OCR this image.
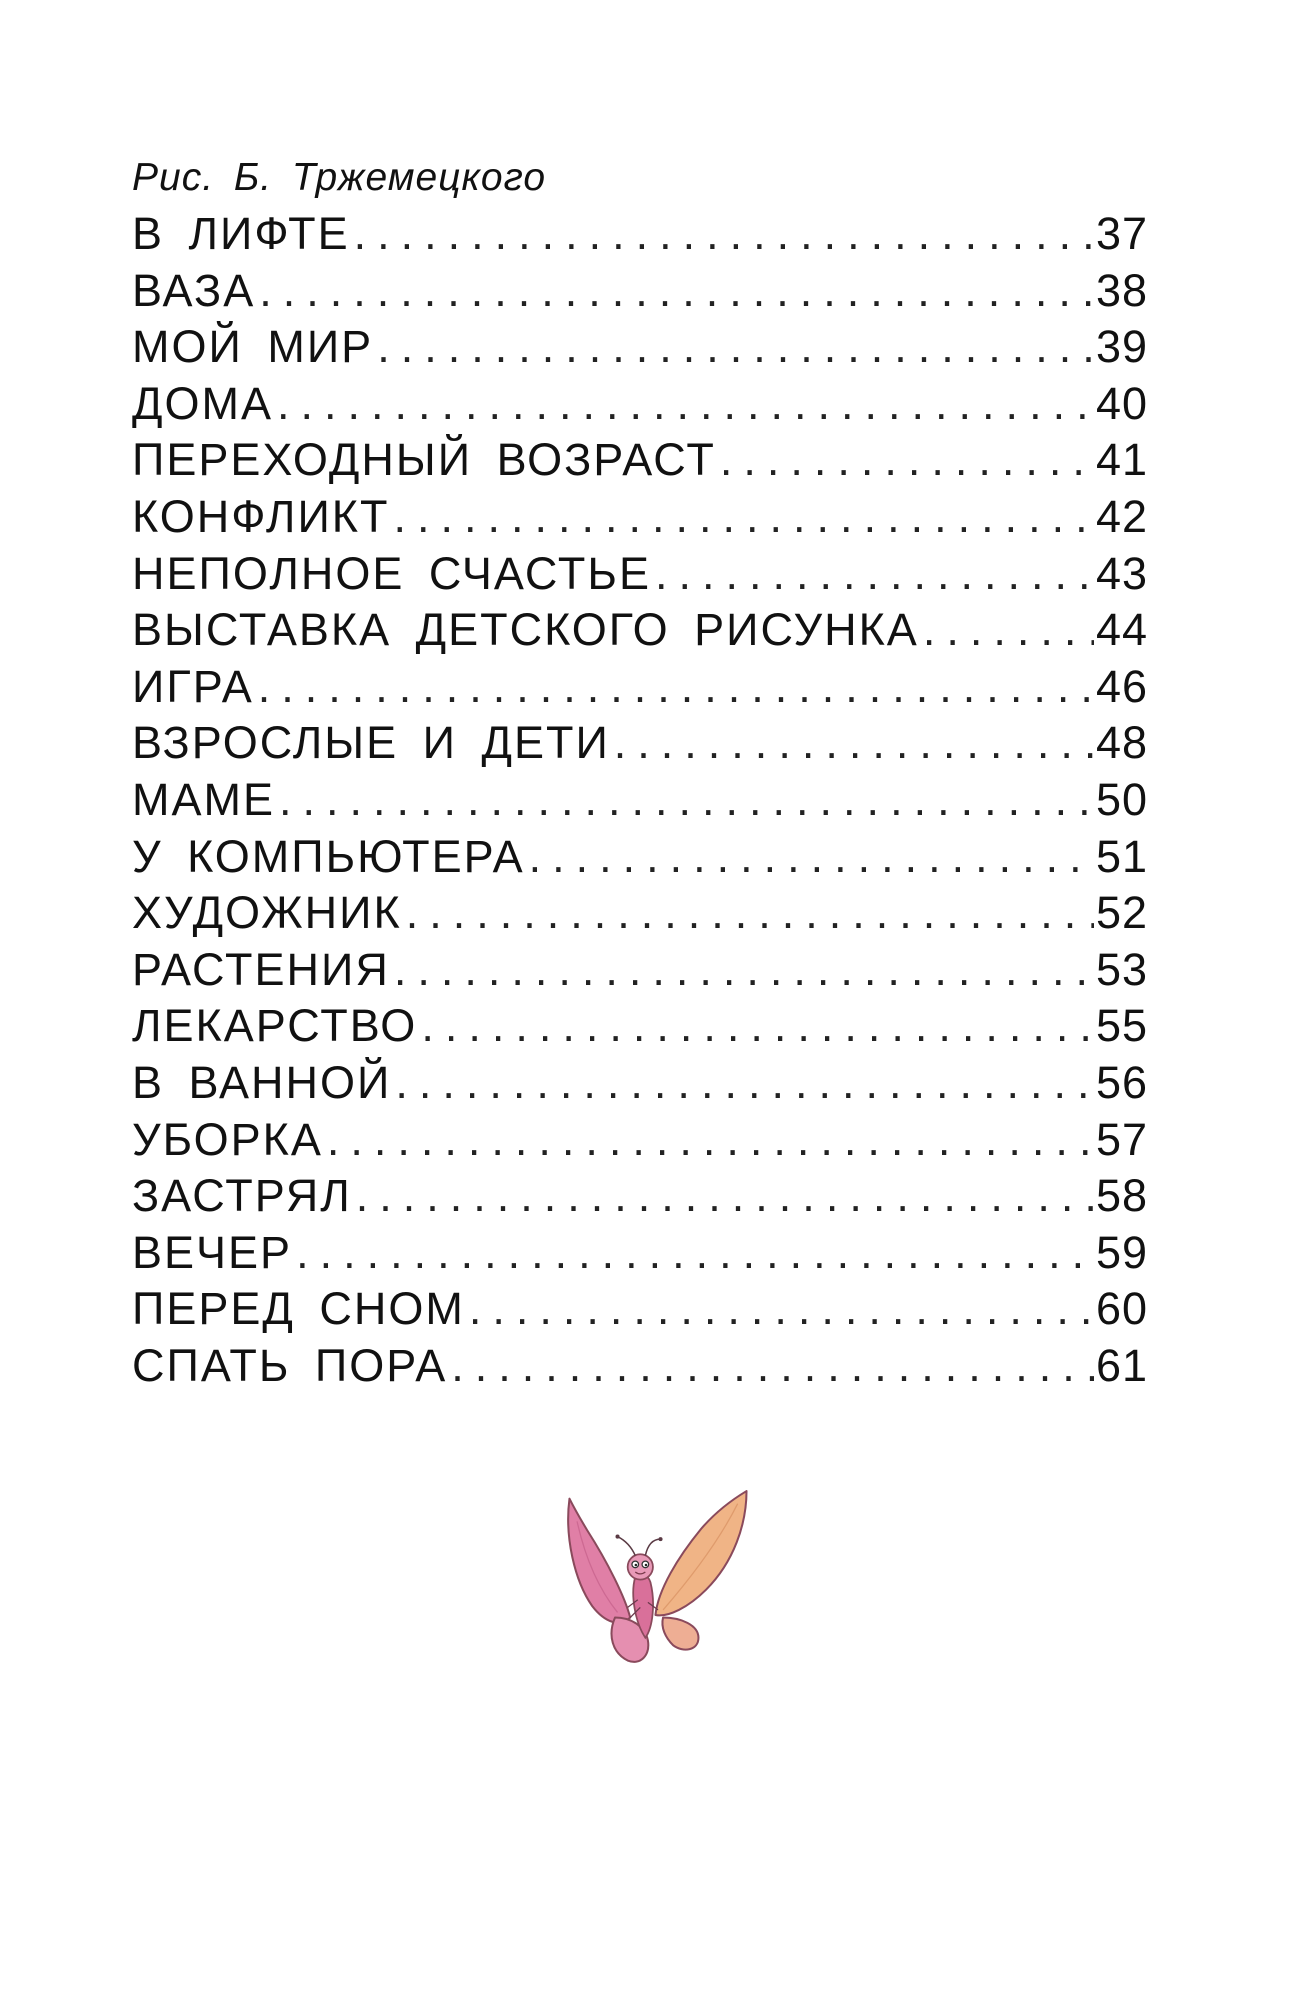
Рис. Б. Тржемецкого
В ЛИФТЕ .....	37
ВАЗА .....	38
МОЙ МИР .....	39
ДОМА .....	40
ПЕРЕХОДНЫЙ ВОЗРАСТ .....	41
КОНФЛИКТ .....	42
НЕПОЛНОЕ СЧАСТЬЕ .....	43
ВЫСТАВКА ДЕТСКОГО РИСУНКА .....	44
ИГРА .....	46
ВЗРОСЛЫЕ И ДЕТИ .....	48
МАМЕ .....	50
У КОМПЬЮТЕРА .....	51
ХУДОЖНИК .....	52
РАСТЕНИЯ .....	53
ЛЕКАРСТВО .....	55
В ВАННОЙ .....	56
УБОРКА .....	57
ЗАСТРЯЛ .....	58
ВЕЧЕР .....	59
ПЕРЕД СНОМ .....	60
СПАТЬ ПОРА .....	61
